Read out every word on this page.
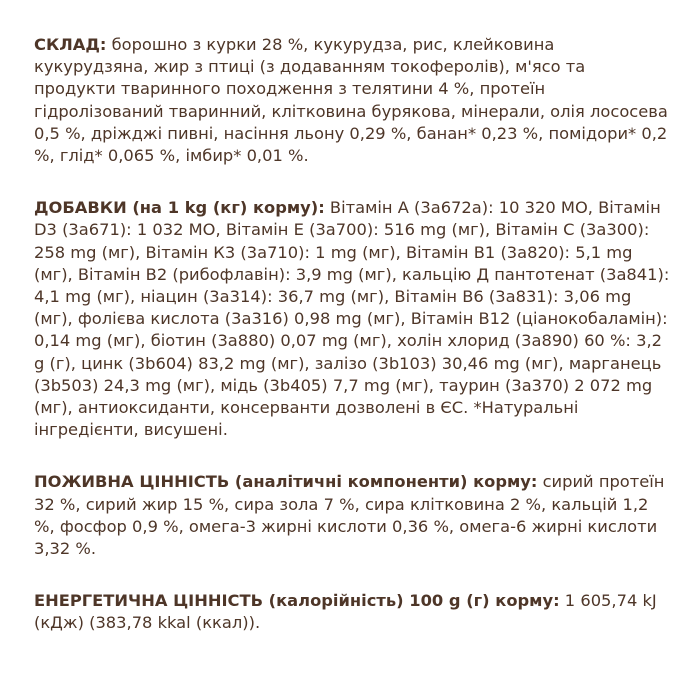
СКЛАД: борошно з курки 28 %, кукурудза, рис, клейковина кукурудзяна, жир з птиці (з додаванням токоферолів), м'ясо та продукти тваринного походження з телятини 4 %, протеїн гідролізований тваринний, клітковина бурякова, мінерали, олія лососева 0,5 %, дріжджі пивні, насіння льону 0,29 %, банан* 0,23 %, помідори* 0,2 %, глід* 0,065 %, імбир* 0,01 %.

ДОБАВКИ (на 1 kg (кг) корму): Вітамін А (3а672а): 10 320 МО, Вітамін D3 (3а671): 1 032 МО, Вітамін Е (3а700): 516 mg (мг), Вітамін С (3а300): 258 mg (мг), Вітамін К3 (3а710): 1 mg (мг), Вітамін В1 (3а820): 5,1 mg (мг), Вітамін В2 (рибофлавін): 3,9 mg (мг), кальцію Д пантотенат (3а841): 4,1 mg (мг), ніацин (3а314): 36,7 mg (мг), Вітамін В6 (3а831): 3,06 mg (мг), фолієва кислота (3а316) 0,98 mg (мг), Вітамін В12 (ціанокобаламін): 0,14 mg (мг), біотин (3а880) 0,07 mg (мг), холін хлорид (3а890) 60 %: 3,2 g (г), цинк (3b604) 83,2 mg (мг), залізо (3b103) 30,46 mg (мг), марганець (3b503) 24,3 mg (мг), мідь (3b405) 7,7 mg (мг), таурин (3а370) 2 072 mg (мг), антиоксиданти, консерванти дозволені в ЄС. *Натуральні інгредієнти, висушені.

ПОЖИВНА ЦІННІСТЬ (аналітичні компоненти) корму: сирий протеїн 32 %, сирий жир 15 %, сира зола 7 %, сира клітковина 2 %, кальцій 1,2 %, фосфор 0,9 %, омега-3 жирні кислоти 0,36 %, омега-6 жирні кислоти 3,32 %.

ЕНЕРГЕТИЧНА ЦІННІСТЬ (калорійність) 100 g (г) корму: 1 605,74 kJ (кДж) (383,78 kkal (ккал)).
